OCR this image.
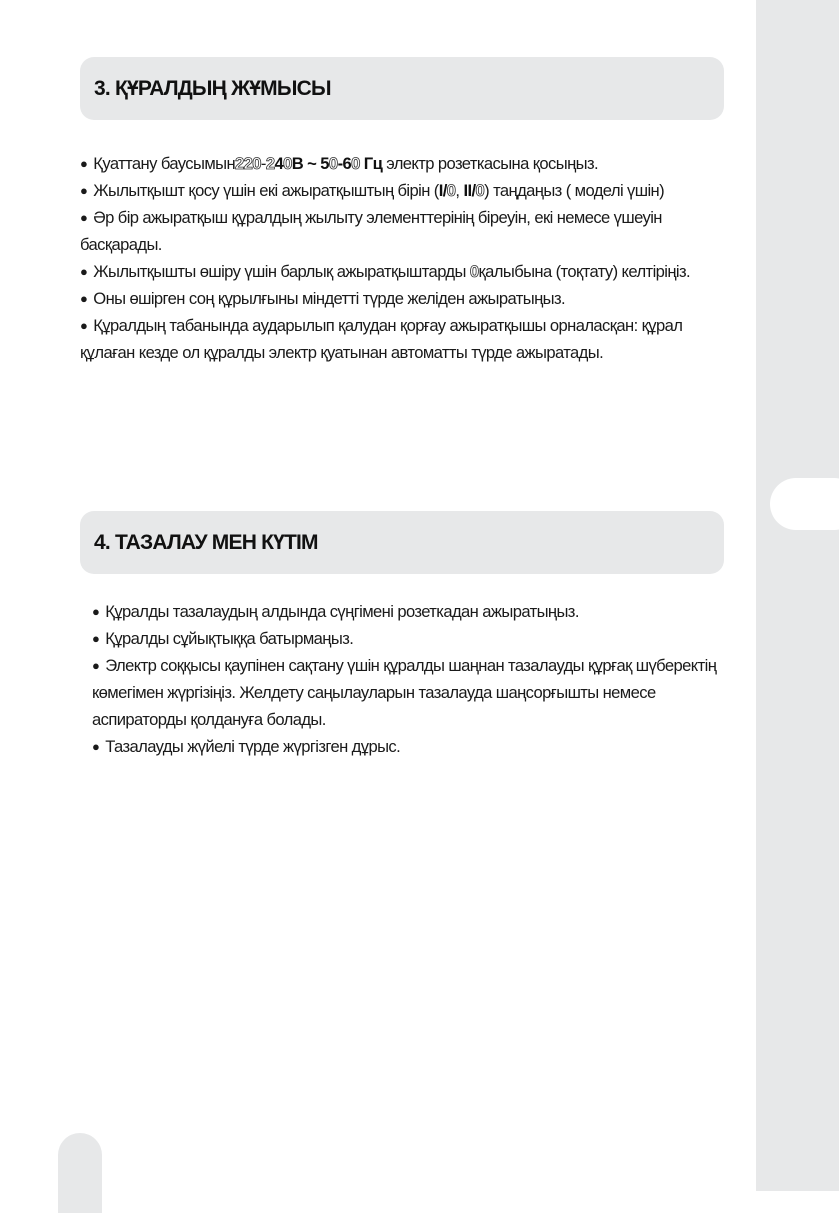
3. ҚҰРАЛДЫҢ ЖҰМЫСЫ
● Қуаттану баусымын220-240В ~ 50-60 Гц электр розеткасына қосыңыз.
● Жылытқышт қосу үшін екі ажыратқыштың бірін (I/0, II/0) таңдаңыз ( моделі үшін)
● Әр бір ажыратқыш құралдың жылыту элементтерінің біреуін, екі немесе үшеуін басқарады.
● Жылытқышты өшіру үшін барлық ажыратқыштарды 0қалыбына (тоқтату) келтіріңіз.
● Оны өшірген соң құрылғыны міндетті түрде желіден ажыратыңыз.
● Құралдың табанында аударылып қалудан қорғау ажыратқышы орналасқан: құрал құлаған кезде ол құралды электр қуатынан автоматты түрде ажыратады.
4. ТАЗАЛАУ МЕН КҮТІМ
● Құралды тазалаудың алдында сүңгімені розеткадан ажыратыңыз.
● Құралды сұйықтыққа батырмаңыз.
● Электр соққысы қаупінен сақтану үшін құралды шаңнан тазалауды құрғақ шүберектің көмегімен жүргізіңіз. Желдету саңылауларын тазалауда шаңсорғышты немесе аспираторды қолдануға болады.
● Тазалауды жүйелі түрде жүргізген дұрыс.
